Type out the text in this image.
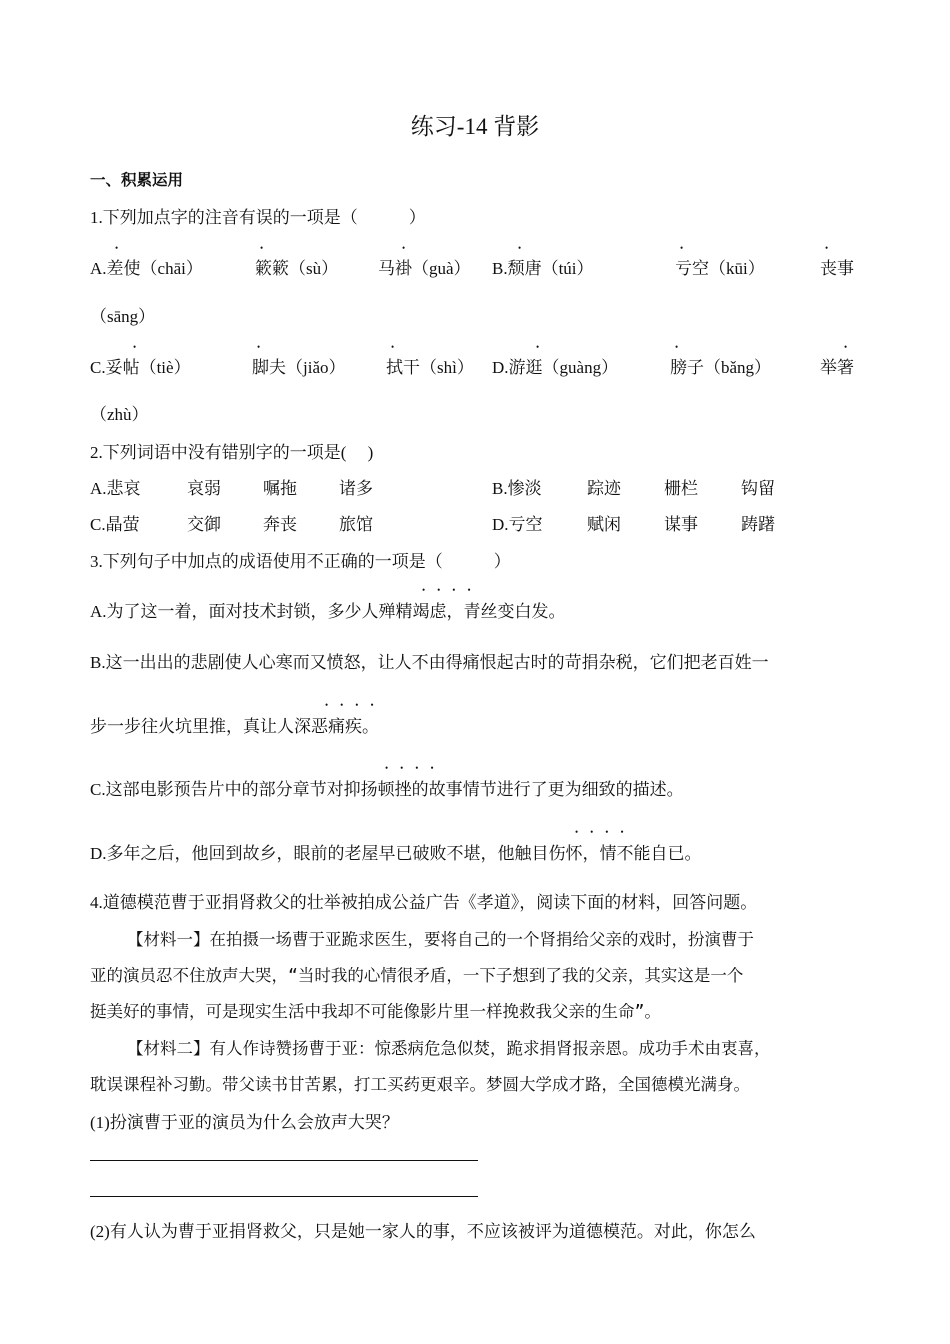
练习-14 背影
一、积累运用
1.下列加点字的注音有误的一项是（　　　）
A.差使（chāi）	簌簌（sù） 马褂（guà） B.颓唐（túi）	亏空（kūi）	丧事
（sāng）
C.妥帖（tiè）	脚夫（jiǎo） 拭干（shì） D.游逛（guàng）	膀子（bǎng）	举箸
（zhù）
•	•	•	•	•	•
•	•	•	•	•	•
2.下列词语中没有错别字的一项是(　 )
A.悲哀	哀弱 嘱拖 诸多	B.惨淡	踪迹	栅栏	钩留
C.晶萤	交御 奔丧 旅馆	D.亏空	赋闲	谋事	踌躇
3.下列句子中加点的成语使用不正确的一项是（　　　）
A.为了这一着，面对技术封锁，多少人殚精竭虑，青丝变白发。
••••
B.这一出出的悲剧使人心寒而又愤怒，让人不由得痛恨起古时的苛捐杂税，它们把老百姓一
步一步往火坑里推，真让人深恶痛疾。
••••
C.这部电影预告片中的部分章节对抑扬顿挫的故事情节进行了更为细致的描述。
••••
D.多年之后，他回到故乡，眼前的老屋早已破败不堪，他触目伤怀，情不能自已。
••••
4.道德模范曹于亚捐肾救父的壮举被拍成公益广告《孝道》，阅读下面的材料，回答问题。
【材料一】在拍摄一场曹于亚跪求医生，要将自己的一个肾捐给父亲的戏时，扮演曹于
亚的演员忍不住放声大哭，“当时我的心情很矛盾，一下子想到了我的父亲，其实这是一个
挺美好的事情，可是现实生活中我却不可能像影片里一样挽救我父亲的生命”。
【材料二】有人作诗赞扬曹于亚：惊悉病危急似焚，跪求捐肾报亲恩。成功手术由衷喜，
耽误课程补习勤。带父读书甘苦累，打工买药更艰辛。梦圆大学成才路，全国德模光满身。
(1)扮演曹于亚的演员为什么会放声大哭？
(2)有人认为曹于亚捐肾救父，只是她一家人的事，不应该被评为道德模范。对此，你怎么
